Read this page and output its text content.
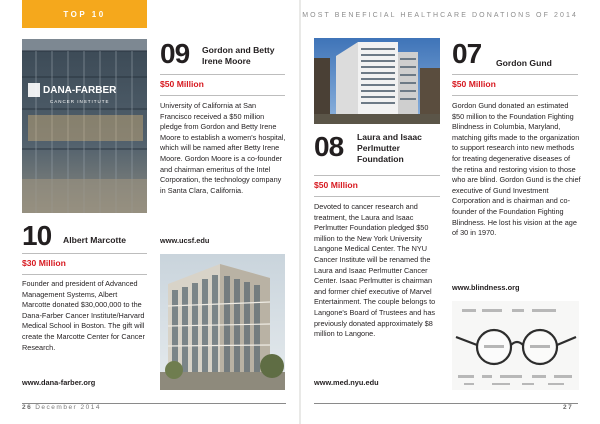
TOP 10
DANA-FARBER
CANCER INSTITUTE
10 Albert Marcotte
$30 Million
Founder and president of Advanced Management Systems, Albert Marcotte donated $30,000,000 to the Dana-Farber Cancer Institute/Harvard Medical School in Boston. The gift will create the Marcotte Center for Cancer Research.
www.dana-farber.org
09 Gordon and Betty
Irene Moore
$50 Million
University of California at San Francisco received a $50 million pledge from Gordon and Betty Irene Moore to establish a women's hospital, which will be named after Betty Irene Moore. Gordon Moore is a co-founder and chairman emeritus of the Intel Corporation, the technology company in Santa Clara, California.
www.ucsf.edu
26 December 2014
MOST BENEFICIAL HEALTHCARE DONATIONS OF 2014
08 Laura and Isaac
Perlmutter
Foundation
$50 Million
Devoted to cancer research and treatment, the Laura and Isaac Perlmutter Foundation pledged $50 million to the New York University Langone Medical Center. The NYU Cancer Institute will be renamed the Laura and Isaac Perlmutter Cancer Center. Isaac Perlmutter is chairman and former chief executive of Marvel Entertainment. The couple belongs to Langone's Board of Trustees and has previously donated approximately $8 million to Langone.
www.med.nyu.edu
07 Gordon Gund
$50 Million
Gordon Gund donated an estimated $50 million to the Foundation Fighting Blindness in Columbia, Maryland, matching gifts made to the organization to support research into new methods for treating degenerative diseases of the retina and restoring vision to those who are blind. Gordon Gund is the chief executive of Gund Investment Corporation and is chairman and co-founder of the Foundation Fighting Blindness. He lost his vision at the age of 30 in 1970.
www.blindness.org
27
